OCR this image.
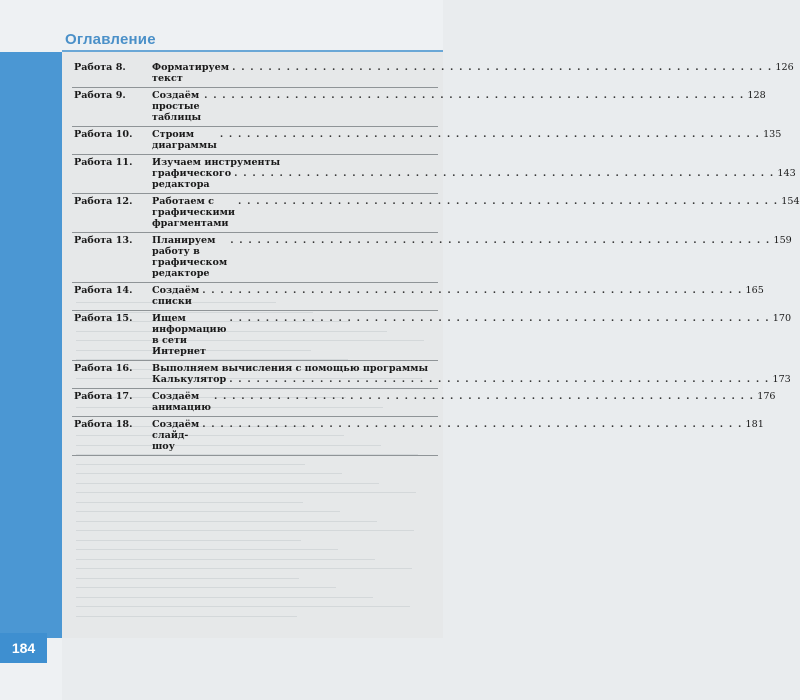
Оглавление
184
Работа 8.	Форматируем текст
. . . . . . . . . . . . . . . . . . . . . . . . . . . . . . . . . . . . . . . . . . . . . . . . . . . . . . . . . . . . 126
Работа 9.	Создаём простые таблицы
. . . . . . . . . . . . . . . . . . . . . . . . . . . . . . . . . . . . . . . . . . . . . . . . . . . . . . . . . . . . 128
Работа 10.	Строим диаграммы
. . . . . . . . . . . . . . . . . . . . . . . . . . . . . . . . . . . . . . . . . . . . . . . . . . . . . . . . . . . . 135
Работа 11.	Изучаем инструменты
графического редактора
. . . . . . . . . . . . . . . . . . . . . . . . . . . . . . . . . . . . . . . . . . . . . . . . . . . . . . . . . . . . 143
Работа 12.	Работаем с графическими фрагментами
. . . . . . . . . . . . . . . . . . . . . . . . . . . . . . . . . . . . . . . . . . . . . . . . . . . . . . . . . . . . 154
Работа 13.	Планируем работу в графическом редакторе
. . . . . . . . . . . . . . . . . . . . . . . . . . . . . . . . . . . . . . . . . . . . . . . . . . . . . . . . . . . . 159
Работа 14.	Создаём списки
. . . . . . . . . . . . . . . . . . . . . . . . . . . . . . . . . . . . . . . . . . . . . . . . . . . . . . . . . . . . 165
Работа 15.	Ищем информацию в сети Интернет
. . . . . . . . . . . . . . . . . . . . . . . . . . . . . . . . . . . . . . . . . . . . . . . . . . . . . . . . . . . . 170
Работа 16.	Выполняем вычисления с помощью программы
Калькулятор . . . . . . . . . . . . . . . . . . . . . . . . . . . . . . . . . . . . . . . . . . . . . . . . . . . . . . . . . . . . 173
Работа 17.	Создаём анимацию
. . . . . . . . . . . . . . . . . . . . . . . . . . . . . . . . . . . . . . . . . . . . . . . . . . . . . . . . . . . . 176
Работа 18.	Создаём слайд-шоу
. . . . . . . . . . . . . . . . . . . . . . . . . . . . . . . . . . . . . . . . . . . . . . . . . . . . . . . . . . . . 181
